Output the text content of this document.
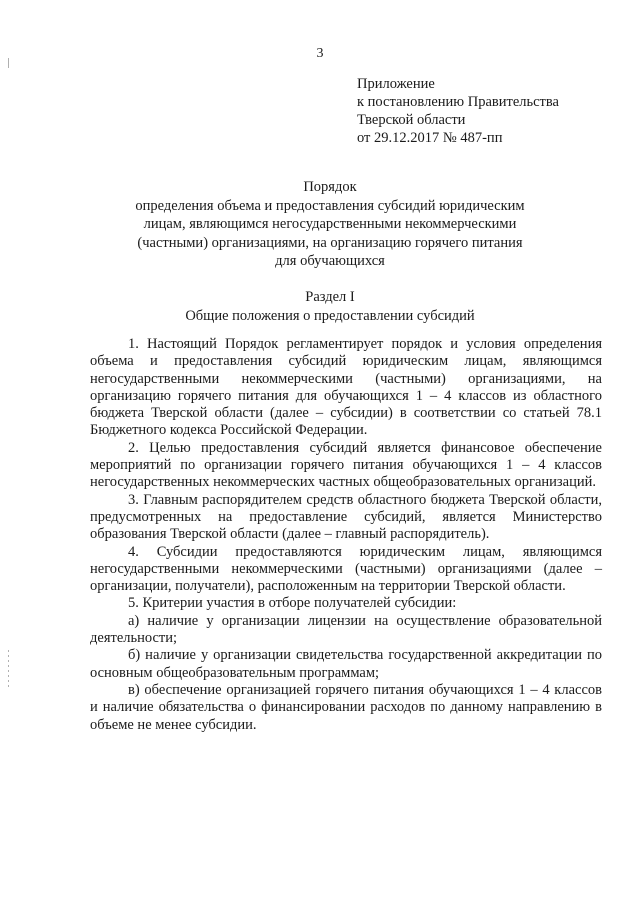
3
Приложение
к постановлению Правительства
Тверской области
от 29.12.2017 № 487-пп
Порядок
определения объема и предоставления субсидий юридическим
лицам, являющимся негосударственными некоммерческими
(частными) организациями, на организацию горячего питания
для обучающихся
Раздел I
Общие положения о предоставлении субсидий

1. Настоящий Порядок регламентирует порядок и условия определения объема и предоставления субсидий юридическим лицам, являющимся негосударственными некоммерческими (частными) организациями, на организацию горячего питания для обучающихся 1 – 4 классов из областного бюджета Тверской области (далее – субсидии) в соответствии со статьей 78.1 Бюджетного кодекса Российской Федерации.

2. Целью предоставления субсидий является финансовое обеспечение мероприятий по организации горячего питания обучающихся 1 – 4 классов негосударственных некоммерческих частных общеобразовательных организаций.

3. Главным распорядителем средств областного бюджета Тверской области, предусмотренных на предоставление субсидий, является Министерство образования Тверской области (далее – главный распорядитель).

4. Субсидии предоставляются юридическим лицам, являющимся негосударственными некоммерческими (частными) организациями (далее – организации, получатели), расположенным на территории Тверской области.

5. Критерии участия в отборе получателей субсидии:

а) наличие у организации лицензии на осуществление образовательной деятельности;

б) наличие у организации свидетельства государственной аккредитации по основным общеобразовательным программам;

в) обеспечение организацией горячего питания обучающихся 1 – 4 классов и наличие обязательства о финансировании расходов по данному направлению в объеме не менее субсидии.
